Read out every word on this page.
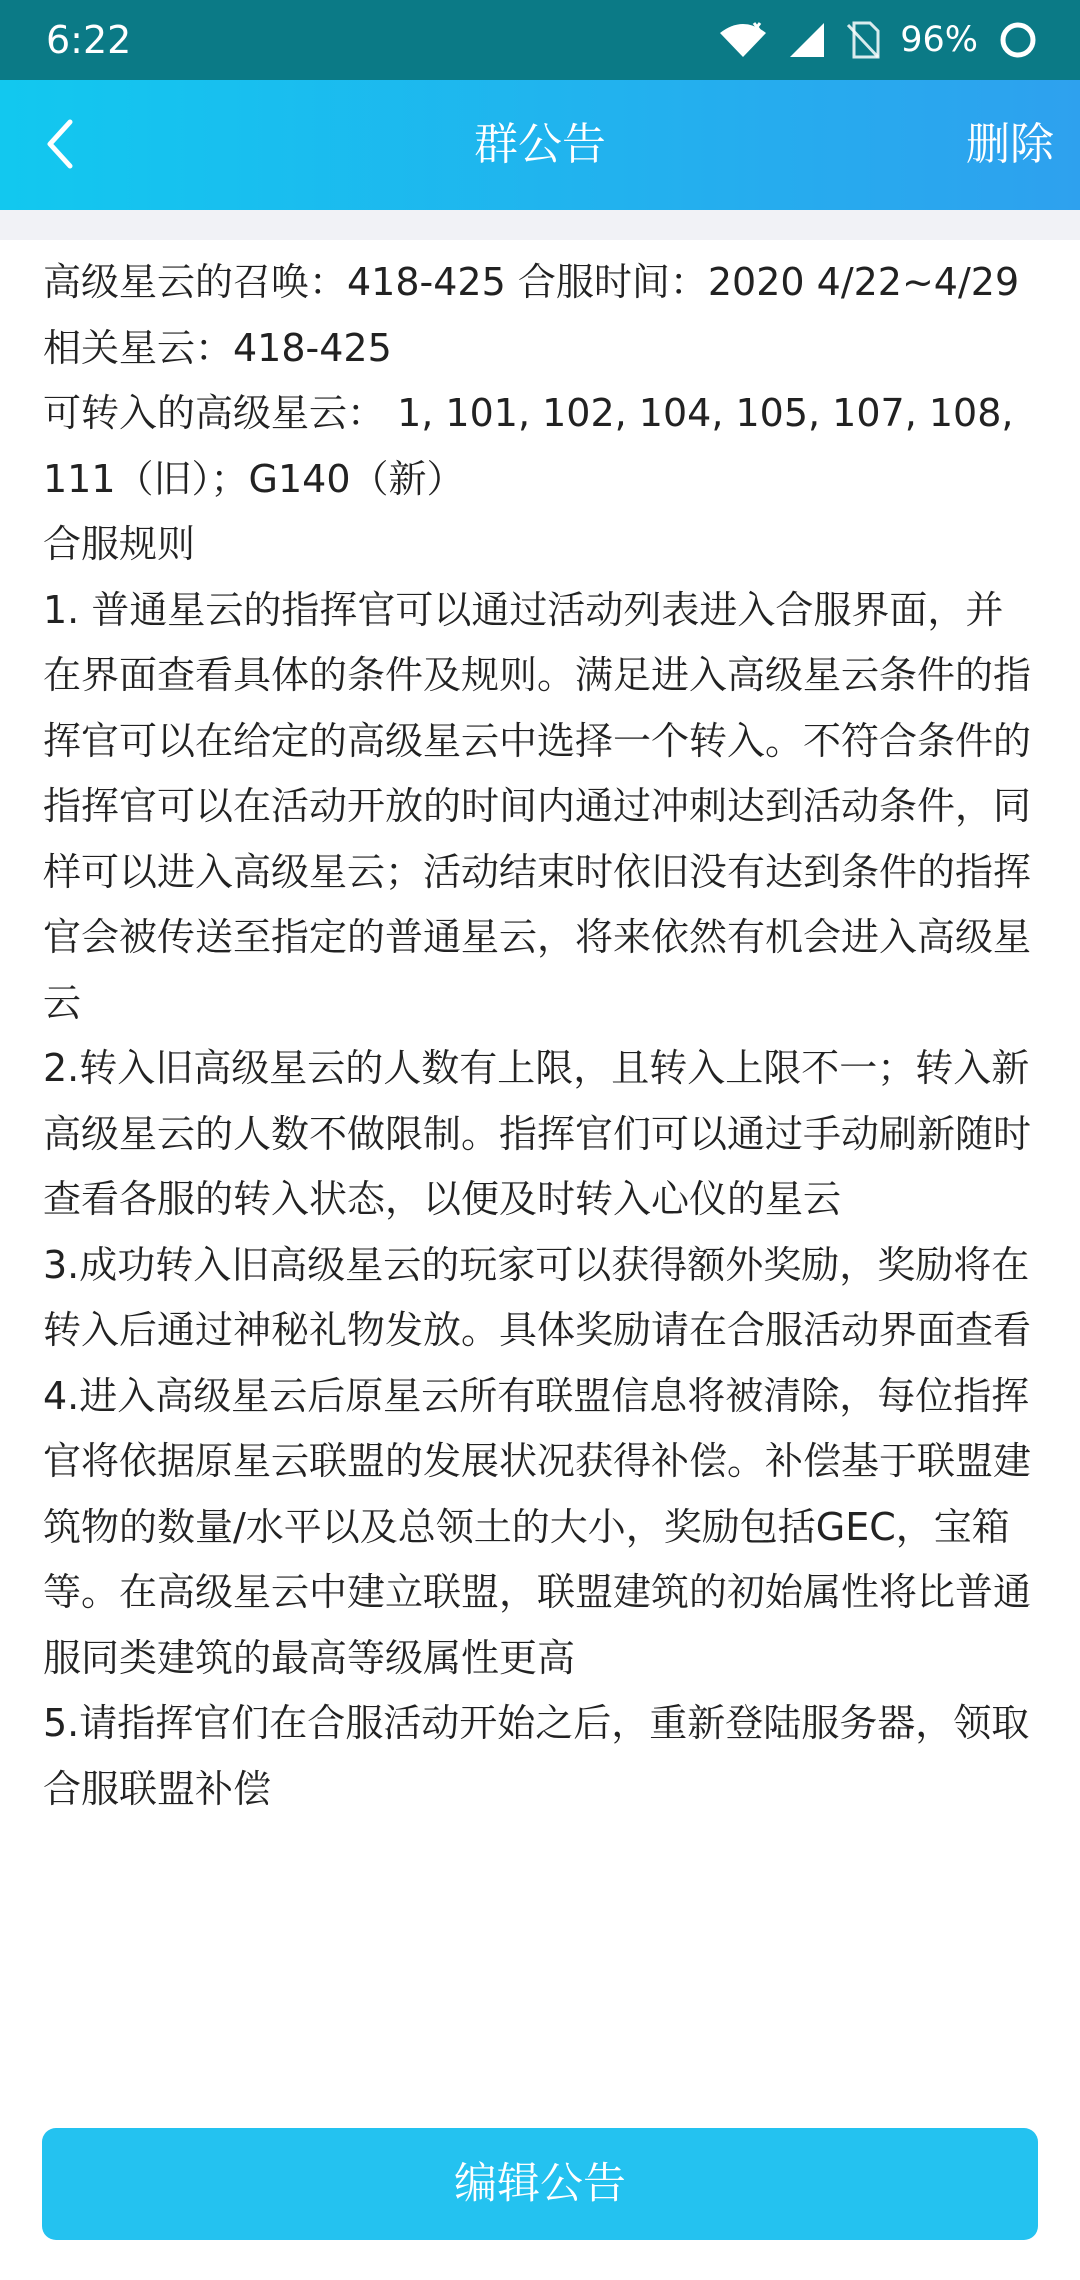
6:22	96%
群公告	删除

高级星云的召唤：418-425 合服时间：2020 4/22~4/29

相关星云：418-425

可转入的高级星云： 1, 101, 102, 104, 105, 107, 108, 111（旧）；G140（新）

合服规则

1. 普通星云的指挥官可以通过活动列表进入合服界面，并在界面查看具体的条件及规则。满足进入高级星云条件的指挥官可以在给定的高级星云中选择一个转入。不符合条件的指挥官可以在活动开放的时间内通过冲刺达到活动条件，同样可以进入高级星云；活动结束时依旧没有达到条件的指挥官会被传送至指定的普通星云，将来依然有机会进入高级星云

2.转入旧高级星云的人数有上限，且转入上限不一；转入新高级星云的人数不做限制。指挥官们可以通过手动刷新随时查看各服的转入状态，以便及时转入心仪的星云

3.成功转入旧高级星云的玩家可以获得额外奖励，奖励将在转入后通过神秘礼物发放。具体奖励请在合服活动界面查看

4.进入高级星云后原星云所有联盟信息将被清除，每位指挥官将依据原星云联盟的发展状况获得补偿。补偿基于联盟建筑物的数量/水平以及总领土的大小，奖励包括GEC，宝箱等。在高级星云中建立联盟，联盟建筑的初始属性将比普通服同类建筑的最高等级属性更高

5.请指挥官们在合服活动开始之后，重新登陆服务器，领取合服联盟补偿

编辑公告
